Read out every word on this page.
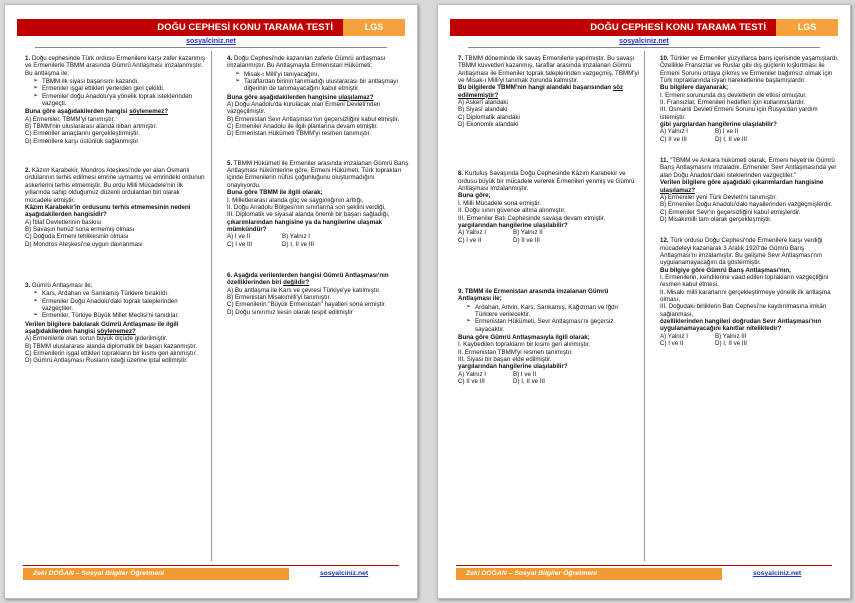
DOĞU CEPHESİ KONU TARAMA TESTİ	LGS
sosyalciniz.net
1. Doğu cephesinde Türk ordusu Ermenilere karşı zafer kazanmış ve Ermenilerle TBMM arasında Gümrü Antlaşması imzalanmıştır. Bu antlaşma ile;
➢ TBMM ilk siyasi başarısını kazandı.
➢ Ermeniler işgal ettikleri yerlerden geri çekildi.
➢ Ermeniler doğu Anadolu'ya yönelik toprak isteklerinden vazgeçti.
Buna göre aşağıdakilerden hangisi söylenemez?
A) Ermeniler, TBMM'yi tanımıştır.
B) TBMM'nin uluslararası alanda itibarı artmıştır.
C) Ermeniler amaçlarını gerçekleştirmiştir.
D) Ermenilere karşı üstünlük sağlanmıştır
2. Kâzım Karabekir, Mondros Ateşkesi'nde yer alan Osmanlı ordularının terhis edilmesi emrine uymamış ve emrindeki ordunun askerlerini terhis etmemiştir. Bu ordu Milli Mücadele'nin ilk yıllarında sahip olduğumuz düzenli ordulardan biri olarak mücadele etmiştir.
Kâzım Karabekir'in ordusunu terhis etmemesinin nedeni aşağıdakilerden hangisidir?
A) İtilaf Devletlerinin baskısı
B) Savaşın henüz sona ermemiş olması
C) Doğuda Ermeni tehlikesinin olması
D) Mondros Ateşkesi'ne uygun davranması
3. Gümrü Antlaşması ile;
➢ Kars, Ardahan ve Sarıkamış Türklere bırakıldı.
➢ Ermeniler Doğu Anadolu'daki toprak taleplerinden vazgeçtiler.
➢ Ermeniler, Türkiye Büyük Millet Meclisi'ni tanıdılar.
Verilen bilgilere bakılarak Gümrü Antlaşması ile ilgili aşağıdakilerden hangisi söylenemez?
A) Ermenilerle olan sorun büyük ölçüde giderilmiştir.
B) TBMM uluslararası alanda diplomatik bir başarı kazanmıştır.
C) Ermenilerin işgal ettikleri toprakların bir kısmı geri alınmıştır.
D) Gümrü Antlaşması Rusların isteği üzerine iptal edilmiştir.
4. Doğu Cephesi'nde kazanılan zaferle Gümrü antlaşması imzalanmıştır. Bu Antlaşmayla Ermenistan Hükümeti;
➢ Misak-ı Milli'yi tanıyacağını,
➢ Taraflardan birinin tanımadığı uluslararası bir antlaşmayı diğerinin de tanımayacağını kabul etmiştir.
Buna göre aşağıdakilerden hangisine ulaşılamaz?
A) Doğu Anadolu'da kurulacak olan Ermeni Devleti'nden vazgeçilmiştir.
B) Ermenistan Sevr Antlaşması'nın geçersizliğini kabul etmiştir.
C) Ermeniler Anadolu ile ilgili planlarına devam etmiştir.
D) Ermenistan Hükümeti TBMM'yi resmen tanımıştır.
5. TBMM Hükümeti ile Ermeniler arasında imzalanan Gümrü Barış Antlaşması hükümlerine göre, Ermeni Hükümeti, Türk toprakları içinde Ermenilerin nüfus çoğunluğunu oluşturmadığını onaylıyordu.
Buna göre TBMM ile ilgili olarak;
I. Milletlerarası alanda güç ve saygınlığının arttığı,
II. Doğu Anadolu Bölgesi'nin sınırlarına son şeklini verdiği,
III. Diplomatik ve siyasal alanda önemli bir başarı sağladığı,
çıkarımlarından hangisine ya da hangilerine ulaşmak mümkündür?
A) I ve II	B) Yalnız I
C) I ve III	D) I, II ve III
6. Aşağıda verilenlerden hangisi Gümrü Antlaşması'nın özelliklerinden biri değildir?
A) Bu antlaşma ile Kars ve çevresi Türkiye'ye katılmıştır.
B) Ermenistan Misakımilli'yi tanımıştır.
C) Ermenilerin "Büyük Ermenistan" hayalleri sona ermiştir.
D) Doğu sınırımız kesin olarak tespit edilmiştir
Zeki DOĞAN – Sosyal Bilgiler Öğretmeni	sosyalciniz.net
DOĞU CEPHESİ KONU TARAMA TESTİ	LGS
sosyalciniz.net
7. TBMM döneminde ilk savaş Ermenilerle yapılmıştır. Bu savaşı TBMM kuvvetleri kazanmış, taraflar arasında imzalanan Gümrü Antlaşması ile Ermeniler toprak taleplerinden vazgeçmiş, TBMM'yi ve Misak-ı Milli'yi tanımak zorunda kalmıştır.
Bu bilgilerde TBMM'nin hangi alandaki başarısından söz edilmemiştir?
A) Askerî alandaki
B) Siyasî alandaki
C) Diplomatik alandaki
D) Ekonomik alandaki
8. Kurtuluş Savaşında Doğu Cephesinde Kâzım Karabekir ve ordusu büyük bir mücadele vererek Ermenileri yenmiş ve Gümrü Antlaşması imzalanmıştır.
Buna göre;
I. Milli Mücadele sona ermiştir.
II. Doğu sınırı güvence altına alınmıştır.
III. Ermeniler Batı Cephesinde savaşa devam etmiştir.
yargılarından hangilerine ulaşılabilir?
A) Yalnız I	B) Yalnız II
C) I ve II	D) II ve III
9. TBMM ile Ermenistan arasında imzalanan Gümrü Antlaşması ile;
➢ Ardahan, Artvin, Kars, Sarıkamış, Kağızman ve Iğdır Türklere verilecektir.
➢ Ermenistan Hükümeti, Sevr Antlaşması'nı geçersiz sayacaktır.
Buna göre Gümrü Antlaşmasıyla ilgili olarak;
I. Kaybedilen toprakların bir kısmı geri alınmıştır.
II. Ermenistan TBMM'yi resmen tanımıştır.
III. Siyasi bir başarı elde edilmiştir.
yargılarından hangilerine ulaşılabilir?
A) Yalnız I	B) I ve II
C) II ve III	D) I, II ve III
10. Türkler ve Ermeniler yüzyıllarca barış içerisinde yaşamışlardı. Özellikle Fransızlar ve Ruslar gibi dış güçlerin kışkırtması ile Ermeni Sorunu ortaya çıkmış ve Ermeniler bağımsız olmak için Türk topraklarında isyan hareketlerine başlamışlardır.
Bu bilgilere dayanarak;
I. Ermeni sorununda dış devletlerin de etkisi olmuştur.
II. Fransızlar, Ermenileri hedefleri için kullanmışlardır.
III. Osmanlı Devleti Ermeni Sorunu için Rusya'dan yardım istemiştir.
gibi yargılardan hangilerine ulaşılabilir?
A) Yalnız I	B) I ve II
C) II ve III	D) I, II ve III
11. "TBMM ve Ankara hükümeti olarak, Ermeni heyeti ile Gümrü Barış Antlaşmasını imzaladık. Ermeniler Sevr Antlaşmasında yer alan Doğu Anadolu'daki isteklerinden vazgeçtiler."
Verilen bilgilere göre aşağıdaki çıkarımlardan hangisine ulaşılamaz?
A) Ermeniler yeni Türk Devleti'ni tanımıştır.
B) Ermeniler Doğu Anadolu'daki hayallerinden vazgeçmişlerdir.
C) Ermeniler Sevr'in geçersizliğini kabul etmişlerdir.
D) Misakımilli tam olarak gerçekleşmiştir.
12. Türk ordusu Doğu Cephesi'nde Ermenilere karşı verdiği mücadeleyi kazanarak 3 Aralık 1920'de Gümrü Barış Antlaşması'nı imzalamıştır. Bu gelişme Sevr Antlaşması'nın uygulanamayacağını da göstermiştir.
Bu bilgiye göre Gümrü Barış Antlaşması'nın,
I. Ermenilerin, kendilerine vaad edilen toprakların vazgeçtiğini resmen kabul etmesi,
II. Misakı milli kararlarını gerçekleştirmeye yönelik ilk antlaşma olması,
III. Doğudaki birliklerin Batı Cephesi'ne kaydırılmasına imkân sağlanması,
özelliklerinden hangileri doğrudan Sevr Antlaşması'nın uygulanamayacağını kanıtlar niteliktedir?
A) Yalnız I	B) Yalnız III
C) I ve II	D) I, II ve III
Zeki DOĞAN – Sosyal Bilgiler Öğretmeni	sosyalciniz.net
